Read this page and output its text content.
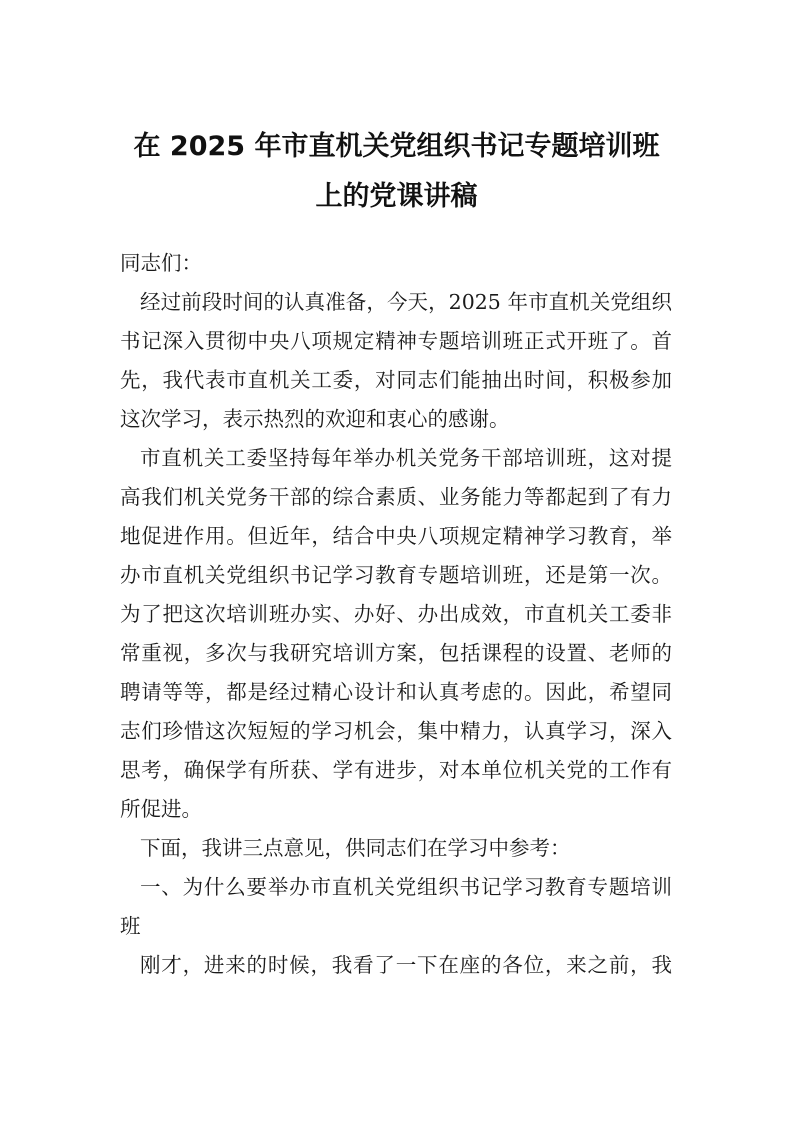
在 2025 年市直机关党组织书记专题培训班
上的党课讲稿
同志们：
经过前段时间的认真准备，今天，2025 年市直机关党组织
书记深入贯彻中央八项规定精神专题培训班正式开班了。首
先，我代表市直机关工委，对同志们能抽出时间，积极参加
这次学习，表示热烈的欢迎和衷心的感谢。
市直机关工委坚持每年举办机关党务干部培训班，这对提
高我们机关党务干部的综合素质、业务能力等都起到了有力
地促进作用。但近年，结合中央八项规定精神学习教育，举
办市直机关党组织书记学习教育专题培训班，还是第一次。
为了把这次培训班办实、办好、办出成效，市直机关工委非
常重视，多次与我研究培训方案，包括课程的设置、老师的
聘请等等，都是经过精心设计和认真考虑的。因此，希望同
志们珍惜这次短短的学习机会，集中精力，认真学习，深入
思考，确保学有所获、学有进步，对本单位机关党的工作有
所促进。
下面，我讲三点意见，供同志们在学习中参考：
一、为什么要举办市直机关党组织书记学习教育专题培训
班
刚才，进来的时候，我看了一下在座的各位，来之前，我
